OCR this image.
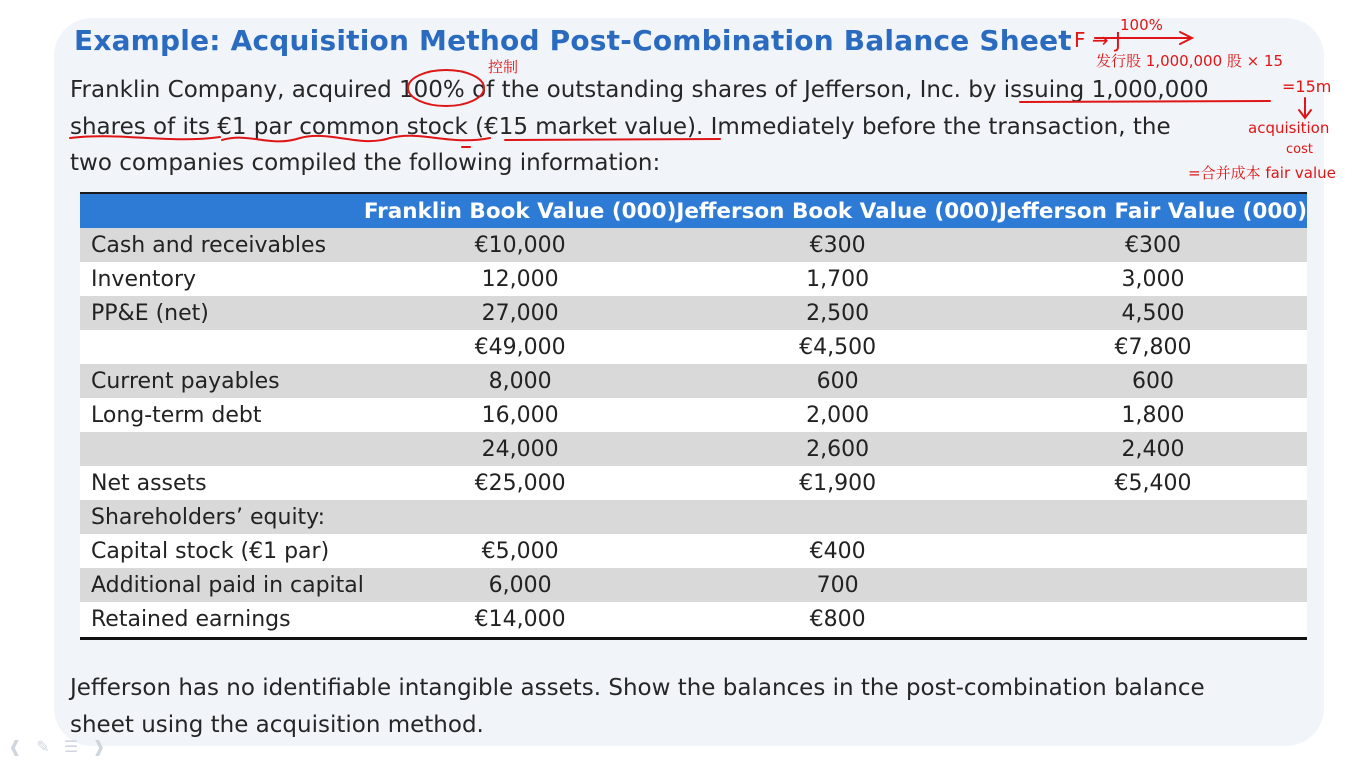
Example: Acquisition Method Post-Combination Balance Sheet
Franklin Company, acquired 100% of the outstanding shares of Jefferson, Inc. by issuing 1,000,000
shares of its €1 par common stock (€15 market value). Immediately before the transaction, the
two companies compiled the following information:
	Franklin Book Value (000)	Jefferson Book Value (000)	Jefferson Fair Value (000)
Cash and receivables	€10,000	€300	€300
Inventory	12,000	1,700	3,000
PP&E (net)	27,000	2,500	4,500
	€49,000	€4,500	€7,800
Current payables	8,000	600	600
Long-term debt	16,000	2,000	1,800
	24,000	2,600	2,400
Net assets	€25,000	€1,900	€5,400
Shareholders’ equity:			
Capital stock (€1 par)	€5,000	€400	
Additional paid in capital	6,000	700	
Retained earnings	€14,000	€800	
Jefferson has no identifiable intangible assets. Show the balances in the post-combination balance
sheet using the acquisition method.
控制
F → J
100%
发行股 1,000,000 股 × 15
=15m
acquisition
cost
=合并成本 fair value
❰ ✎ ☰ ❱
